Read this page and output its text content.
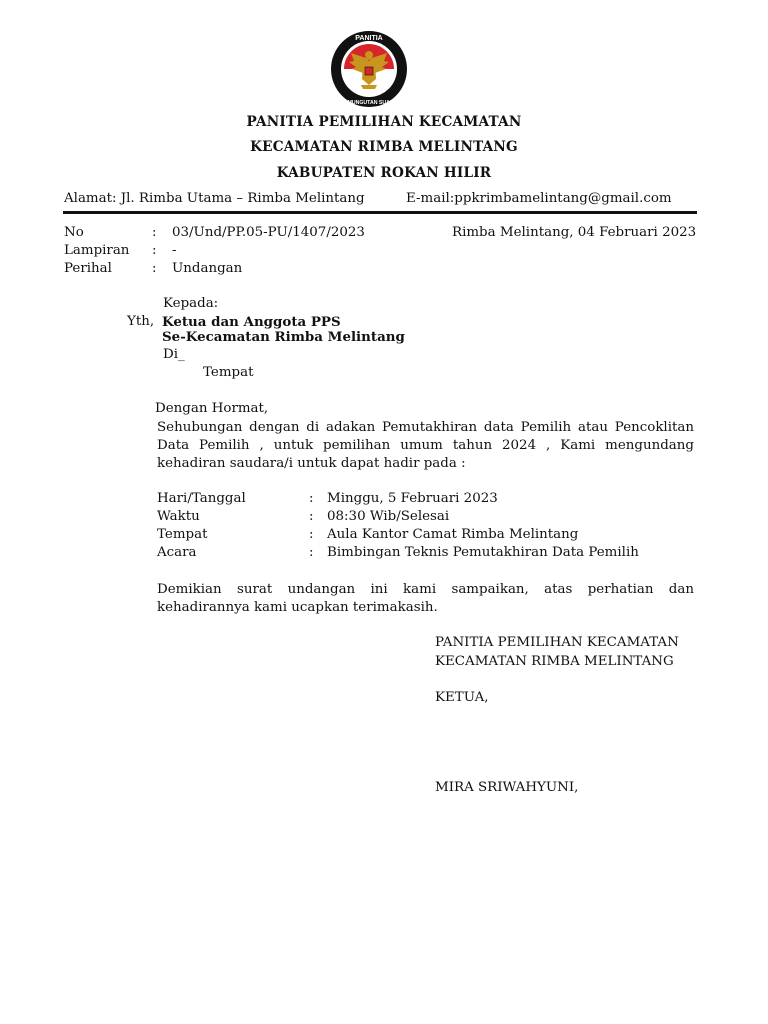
PANITIA
PEMUNGUTAN SUARA
PANITIA PEMILIHAN KECAMATAN
KECAMATAN RIMBA MELINTANG
KABUPATEN ROKAN HILIR
Alamat: Jl. Rimba Utama – Rimba Melintang	E-mail:ppkrimbamelintang@gmail.com
No	: 03/Und/PP.05-PU/1407/2023	Rimba Melintang, 04 Februari 2023
Lampiran : -
Perihal	: Undangan
Kepada:
Yth, Ketua dan Anggota PPS
Se-Kecamatan Rimba Melintang
Di_
Tempat
Dengan Hormat,
Sehubungan dengan di adakan Pemutakhiran data Pemilih atau Pencoklitan Data Pemilih , untuk pemilihan umum tahun 2024 , Kami mengundang kehadiran saudara/i untuk dapat hadir pada :
Hari/Tanggal	: Minggu, 5 Februari 2023
Waktu	: 08:30 Wib/Selesai
Tempat	: Aula Kantor Camat Rimba Melintang
Acara	: Bimbingan Teknis Pemutakhiran Data Pemilih
Demikian surat undangan ini kami sampaikan, atas perhatian dan kehadirannya kami ucapkan terimakasih.
PANITIA PEMILIHAN KECAMATAN
KECAMATAN RIMBA MELINTANG
KETUA,
MIRA SRIWAHYUNI,
